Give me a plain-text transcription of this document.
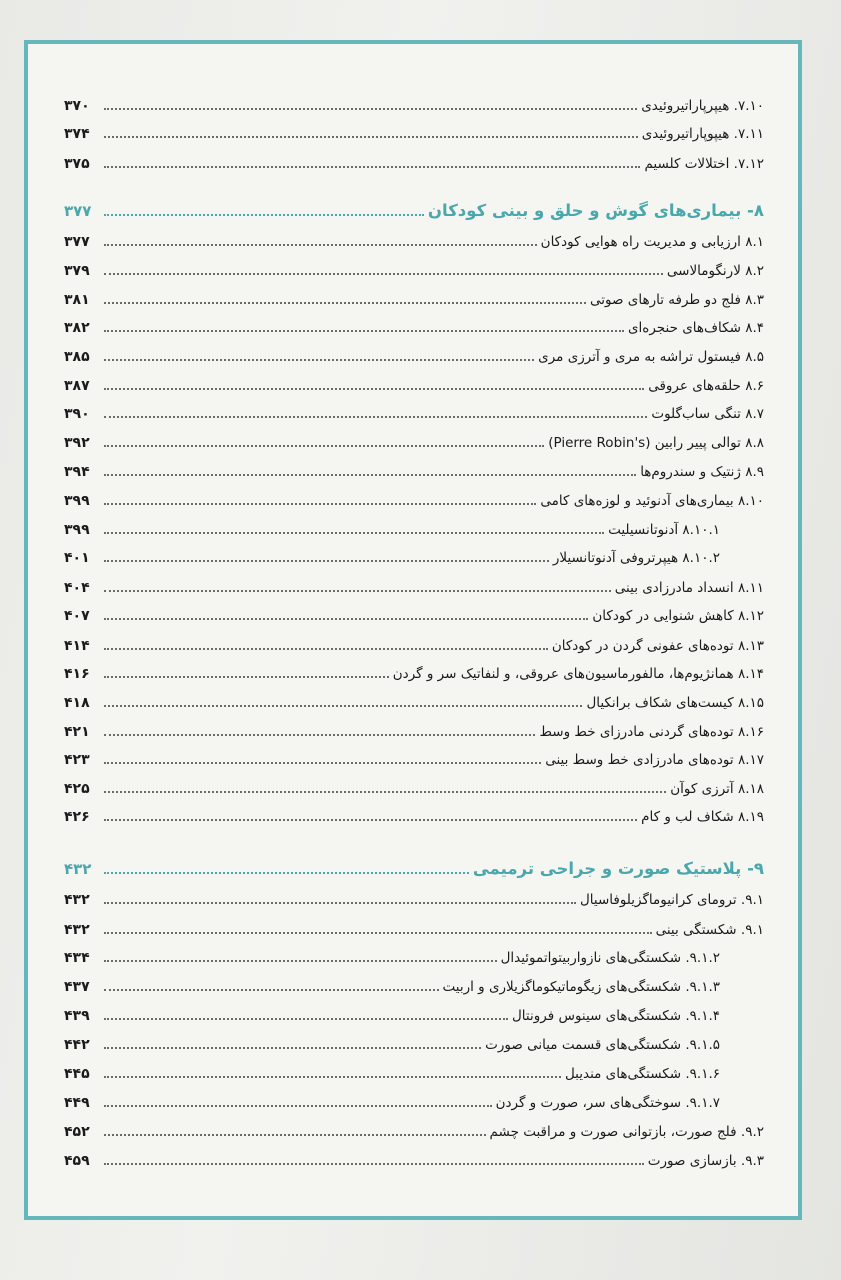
۷.۱۰. هیپرپاراتیروئیدی
۳۷۰
۷.۱۱. هیپوپاراتیروئیدی
۳۷۴
۷.۱۲. اختلالات کلسیم
۳۷۵
۸- بیماری‌های گوش و حلق و بینی کودکان
۳۷۷
۸.۱ ارزیابی و مدیریت راه هوایی کودکان
۳۷۷
۸.۲ لارنگومالاسی
۳۷۹
۸.۳ فلج دو طرفه تارهای صوتی
۳۸۱
۸.۴ شکاف‌های حنجره‌ای
۳۸۲
۸.۵ فیستول تراشه به مری و آترزی مری
۳۸۵
۸.۶ حلقه‌های عروقی
۳۸۷
۸.۷ تنگی ساب‌گلوت
۳۹۰
۸.۸ توالی پییر رابین (Pierre Robin's)
۳۹۲
۸.۹ ژنتیک و سندروم‌ها
۳۹۴
۸.۱۰ بیماری‌های آدنوئید و لوزه‌های کامی
۳۹۹
۸.۱۰.۱ آدنوتانسیلیت
۳۹۹
۸.۱۰.۲ هیپرتروفی آدنوتانسیلار
۴۰۱
۸.۱۱ انسداد مادرزادی بینی
۴۰۴
۸.۱۲ کاهش شنوایی در کودکان
۴۰۷
۸.۱۳ توده‌های عفونی گردن در کودکان
۴۱۴
۸.۱۴ همانژیوم‌ها، مالفورماسیون‌های عروقی، و لنفاتیک سر و گردن
۴۱۶
۸.۱۵ کیست‌های شکاف برانکیال
۴۱۸
۸.۱۶ توده‌های گردنی مادرزای خط وسط
۴۲۱
۸.۱۷ توده‌های مادرزادی خط وسط بینی
۴۲۳
۸.۱۸ آترزی کوآن
۴۲۵
۸.۱۹ شکاف لب و کام
۴۲۶
۹- پلاستیک صورت و جراحی ترمیمی
۴۳۲
۹.۱. ترومای کرانیوماگزیلوفاسیال
۴۳۲
۹.۱. شکستگی بینی
۴۳۲
۹.۱.۲. شکستگی‌های نازواربیتواتموئیدال
۴۳۴
۹.۱.۳. شکستگی‌های زیگوماتیکوماگزیلاری و اربیت
۴۳۷
۹.۱.۴. شکستگی‌های سینوس فرونتال
۴۳۹
۹.۱.۵. شکستگی‌های قسمت میانی صورت
۴۴۲
۹.۱.۶. شکستگی‌های مندیبل
۴۴۵
۹.۱.۷. سوختگی‌های سر، صورت و گردن
۴۴۹
۹.۲. فلج صورت، بازتوانی صورت و مراقبت چشم
۴۵۲
۹.۳. بازسازی صورت
۴۵۹
